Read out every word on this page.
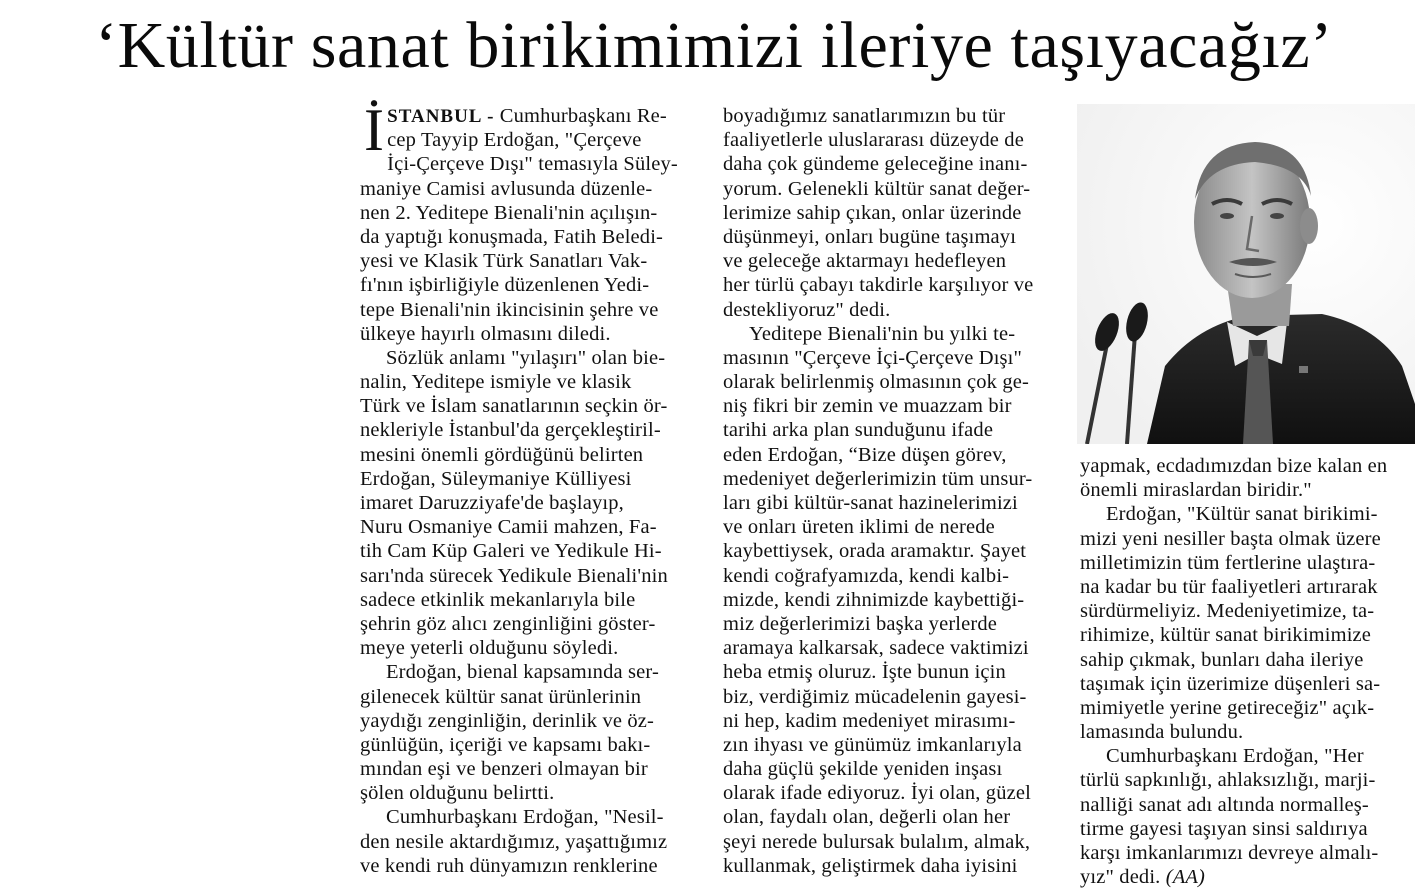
‘Kültür sanat birikimimizi ileriye taşıyacağız’
İ STANBUL - Cumhurbaşkanı Re-
cep Tayyip Erdoğan, "Çerçeve
İçi-Çerçeve Dışı" temasıyla Süley-
maniye Camisi avlusunda düzenle-
nen 2. Yeditepe Bienali'nin açılışın-
da yaptığı konuşmada, Fatih Beledi-
yesi ve Klasik Türk Sanatları Vak-
fı'nın işbirliğiyle düzenlenen Yedi-
tepe Bienali'nin ikincisinin şehre ve
ülkeye hayırlı olmasını diledi.
Sözlük anlamı "yılaşırı" olan bie-
nalin, Yeditepe ismiyle ve klasik
Türk ve İslam sanatlarının seçkin ör-
nekleriyle İstanbul'da gerçekleştiril-
mesini önemli gördüğünü belirten
Erdoğan, Süleymaniye Külliyesi
imaret Daruzziyafe'de başlayıp,
Nuru Osmaniye Camii mahzen, Fa-
tih Cam Küp Galeri ve Yedikule Hi-
sarı'nda sürecek Yedikule Bienali'nin
sadece etkinlik mekanlarıyla bile
şehrin göz alıcı zenginliğini göster-
meye yeterli olduğunu söyledi.
Erdoğan, bienal kapsamında ser-
gilenecek kültür sanat ürünlerinin
yaydığı zenginliğin, derinlik ve öz-
günlüğün, içeriği ve kapsamı bakı-
mından eşi ve benzeri olmayan bir
şölen olduğunu belirtti.
Cumhurbaşkanı Erdoğan, "Nesil-
den nesile aktardığımız, yaşattığımız
ve kendi ruh dünyamızın renklerine
boyadığımız sanatlarımızın bu tür
faaliyetlerle uluslararası düzeyde de
daha çok gündeme geleceğine inanı-
yorum. Gelenekli kültür sanat değer-
lerimize sahip çıkan, onlar üzerinde
düşünmeyi, onları bugüne taşımayı
ve geleceğe aktarmayı hedefleyen
her türlü çabayı takdirle karşılıyor ve
destekliyoruz" dedi.
Yeditepe Bienali'nin bu yılki te-
masının "Çerçeve İçi-Çerçeve Dışı"
olarak belirlenmiş olmasının çok ge-
niş fikri bir zemin ve muazzam bir
tarihi arka plan sunduğunu ifade
eden Erdoğan, “Bize düşen görev,
medeniyet değerlerimizin tüm unsur-
ları gibi kültür-sanat hazinelerimizi
ve onları üreten iklimi de nerede
kaybettiysek, orada aramaktır. Şayet
kendi coğrafyamızda, kendi kalbi-
mizde, kendi zihnimizde kaybettiği-
miz değerlerimizi başka yerlerde
aramaya kalkarsak, sadece vaktimizi
heba etmiş oluruz. İşte bunun için
biz, verdiğimiz mücadelenin gayesi-
ni hep, kadim medeniyet mirasımı-
zın ihyası ve günümüz imkanlarıyla
daha güçlü şekilde yeniden inşası
olarak ifade ediyoruz. İyi olan, güzel
olan, faydalı olan, değerli olan her
şeyi nerede bulursak bulalım, almak,
kullanmak, geliştirmek daha iyisini
yapmak, ecdadımızdan bize kalan en
önemli miraslardan biridir."
Erdoğan, "Kültür sanat birikimi-
mizi yeni nesiller başta olmak üzere
milletimizin tüm fertlerine ulaştıra-
na kadar bu tür faaliyetleri artırarak
sürdürmeliyiz. Medeniyetimize, ta-
rihimize, kültür sanat birikimimize
sahip çıkmak, bunları daha ileriye
taşımak için üzerimize düşenleri sa-
mimiyetle yerine getireceğiz" açık-
lamasında bulundu.
Cumhurbaşkanı Erdoğan, "Her
türlü sapkınlığı, ahlaksızlığı, marji-
nalliği sanat adı altında normalleş-
tirme gayesi taşıyan sinsi saldırıya
karşı imkanlarımızı devreye almalı-
yız" dedi. (AA)
